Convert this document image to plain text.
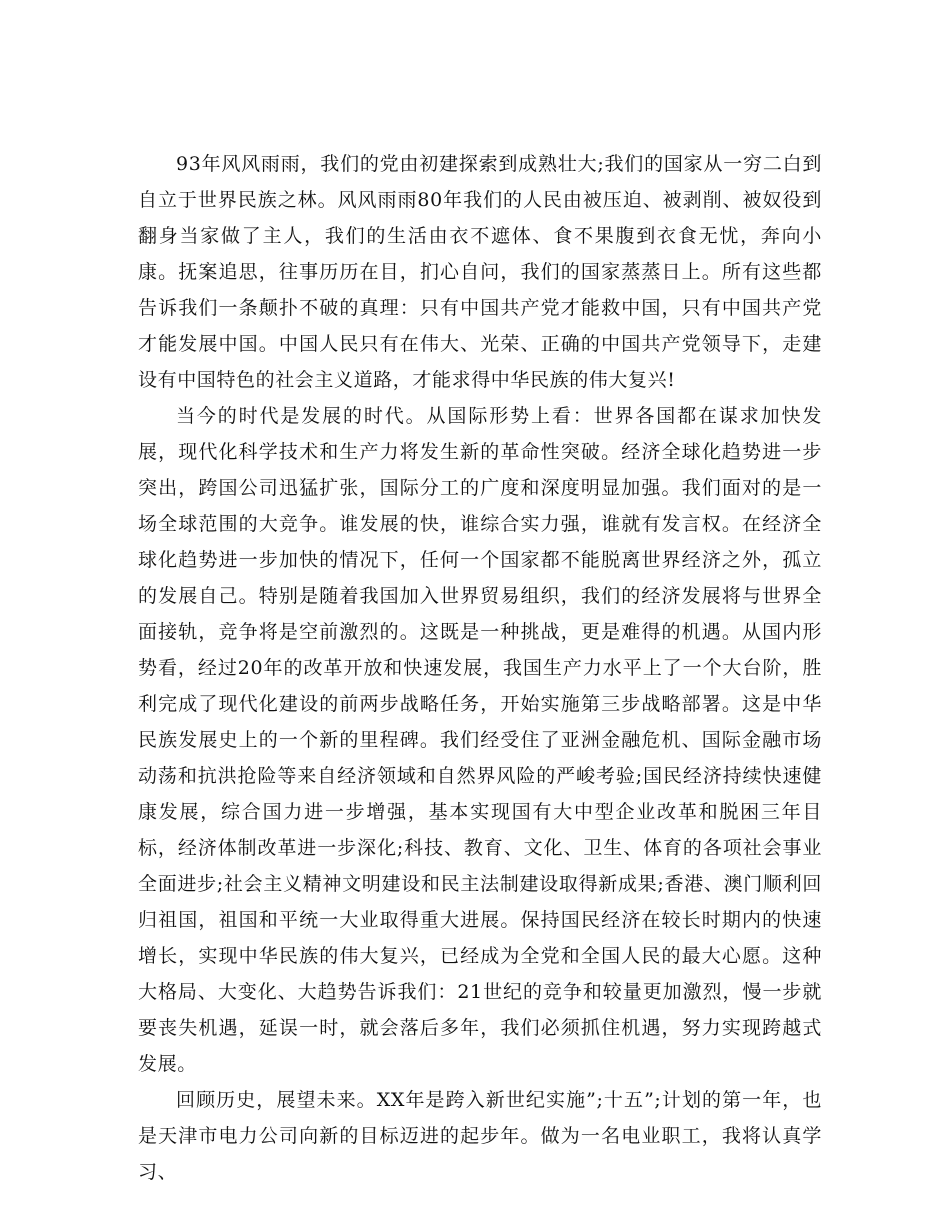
93年风风雨雨，我们的党由初建探索到成熟壮大;我们的国家从一穷二白到自立于世界民族之林。风风雨雨80年我们的人民由被压迫、被剥削、被奴役到翻身当家做了主人，我们的生活由衣不遮体、食不果腹到衣食无忧，奔向小康。抚案追思，往事历历在目，扪心自问，我们的国家蒸蒸日上。所有这些都告诉我们一条颠扑不破的真理：只有中国共产党才能救中国，只有中国共产党才能发展中国。中国人民只有在伟大、光荣、正确的中国共产党领导下，走建设有中国特色的社会主义道路，才能求得中华民族的伟大复兴!

当今的时代是发展的时代。从国际形势上看：世界各国都在谋求加快发展，现代化科学技术和生产力将发生新的革命性突破。经济全球化趋势进一步突出，跨国公司迅猛扩张，国际分工的广度和深度明显加强。我们面对的是一场全球范围的大竞争。谁发展的快，谁综合实力强，谁就有发言权。在经济全球化趋势进一步加快的情况下，任何一个国家都不能脱离世界经济之外，孤立的发展自己。特别是随着我国加入世界贸易组织，我们的经济发展将与世界全面接轨，竞争将是空前激烈的。这既是一种挑战，更是难得的机遇。从国内形势看，经过20年的改革开放和快速发展，我国生产力水平上了一个大台阶，胜利完成了现代化建设的前两步战略任务，开始实施第三步战略部署。这是中华民族发展史上的一个新的里程碑。我们经受住了亚洲金融危机、国际金融市场动荡和抗洪抢险等来自经济领域和自然界风险的严峻考验;国民经济持续快速健康发展，综合国力进一步增强，基本实现国有大中型企业改革和脱困三年目标，经济体制改革进一步深化;科技、教育、文化、卫生、体育的各项社会事业全面进步;社会主义精神文明建设和民主法制建设取得新成果;香港、澳门顺利回归祖国，祖国和平统一大业取得重大进展。保持国民经济在较长时期内的快速增长，实现中华民族的伟大复兴，已经成为全党和全国人民的最大心愿。这种大格局、大变化、大趋势告诉我们：21世纪的竞争和较量更加激烈，慢一步就要丧失机遇，延误一时，就会落后多年，我们必须抓住机遇，努力实现跨越式发展。

回顾历史，展望未来。XX年是跨入新世纪实施”;十五”;计划的第一年，也是天津市电力公司向新的目标迈进的起步年。做为一名电业职工，我将认真学习、
